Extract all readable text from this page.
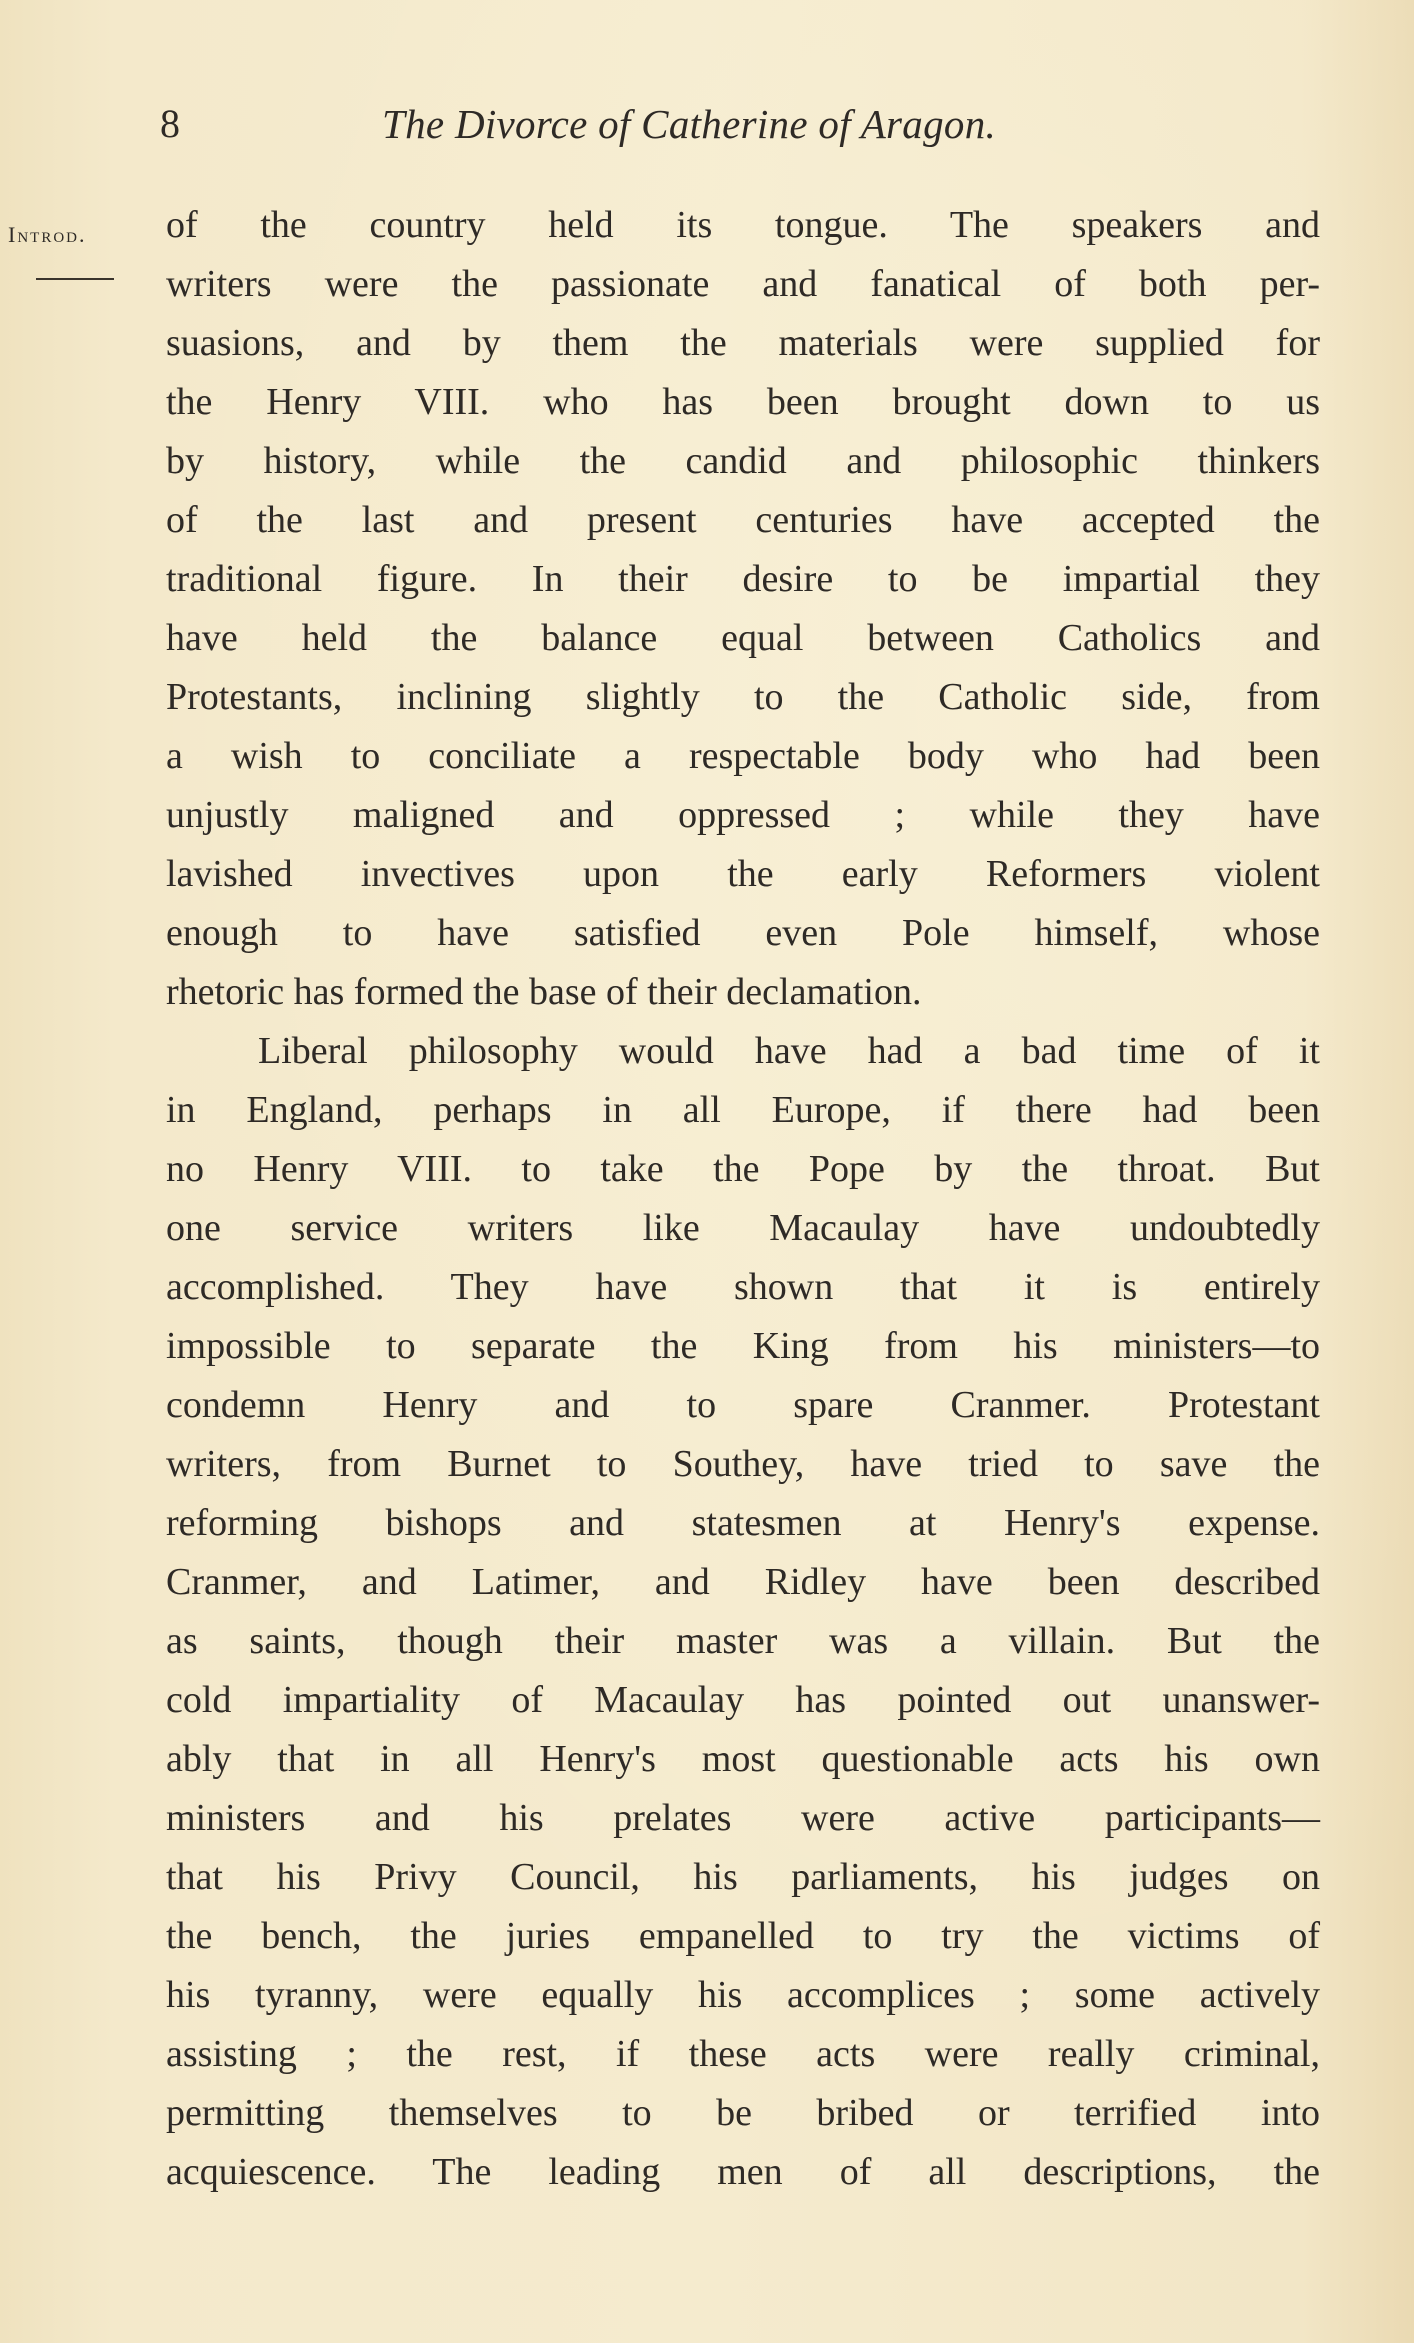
8	The Divorce of Catherine of Aragon.
Introd. of the country held its tongue. The speakers and
writers were the passionate and fanatical of both per-
suasions, and by them the materials were supplied for
the Henry VIII. who has been brought down to us
by history, while the candid and philosophic thinkers
of the last and present centuries have accepted the
traditional figure. In their desire to be impartial they
have held the balance equal between Catholics and
Protestants, inclining slightly to the Catholic side, from
a wish to conciliate a respectable body who had been
unjustly maligned and oppressed ; while they have
lavished invectives upon the early Reformers violent
enough to have satisfied even Pole himself, whose
rhetoric has formed the base of their declamation.
Liberal philosophy would have had a bad time of it
in England, perhaps in all Europe, if there had been
no Henry VIII. to take the Pope by the throat. But
one service writers like Macaulay have undoubtedly
accomplished. They have shown that it is entirely
impossible to separate the King from his ministers—to
condemn Henry and to spare Cranmer. Protestant
writers, from Burnet to Southey, have tried to save the
reforming bishops and statesmen at Henry's expense.
Cranmer, and Latimer, and Ridley have been described
as saints, though their master was a villain. But the
cold impartiality of Macaulay has pointed out unanswer-
ably that in all Henry's most questionable acts his own
ministers and his prelates were active participants—
that his Privy Council, his parliaments, his judges on
the bench, the juries empanelled to try the victims of
his tyranny, were equally his accomplices ; some actively
assisting ; the rest, if these acts were really criminal,
permitting themselves to be bribed or terrified into
acquiescence. The leading men of all descriptions, the
